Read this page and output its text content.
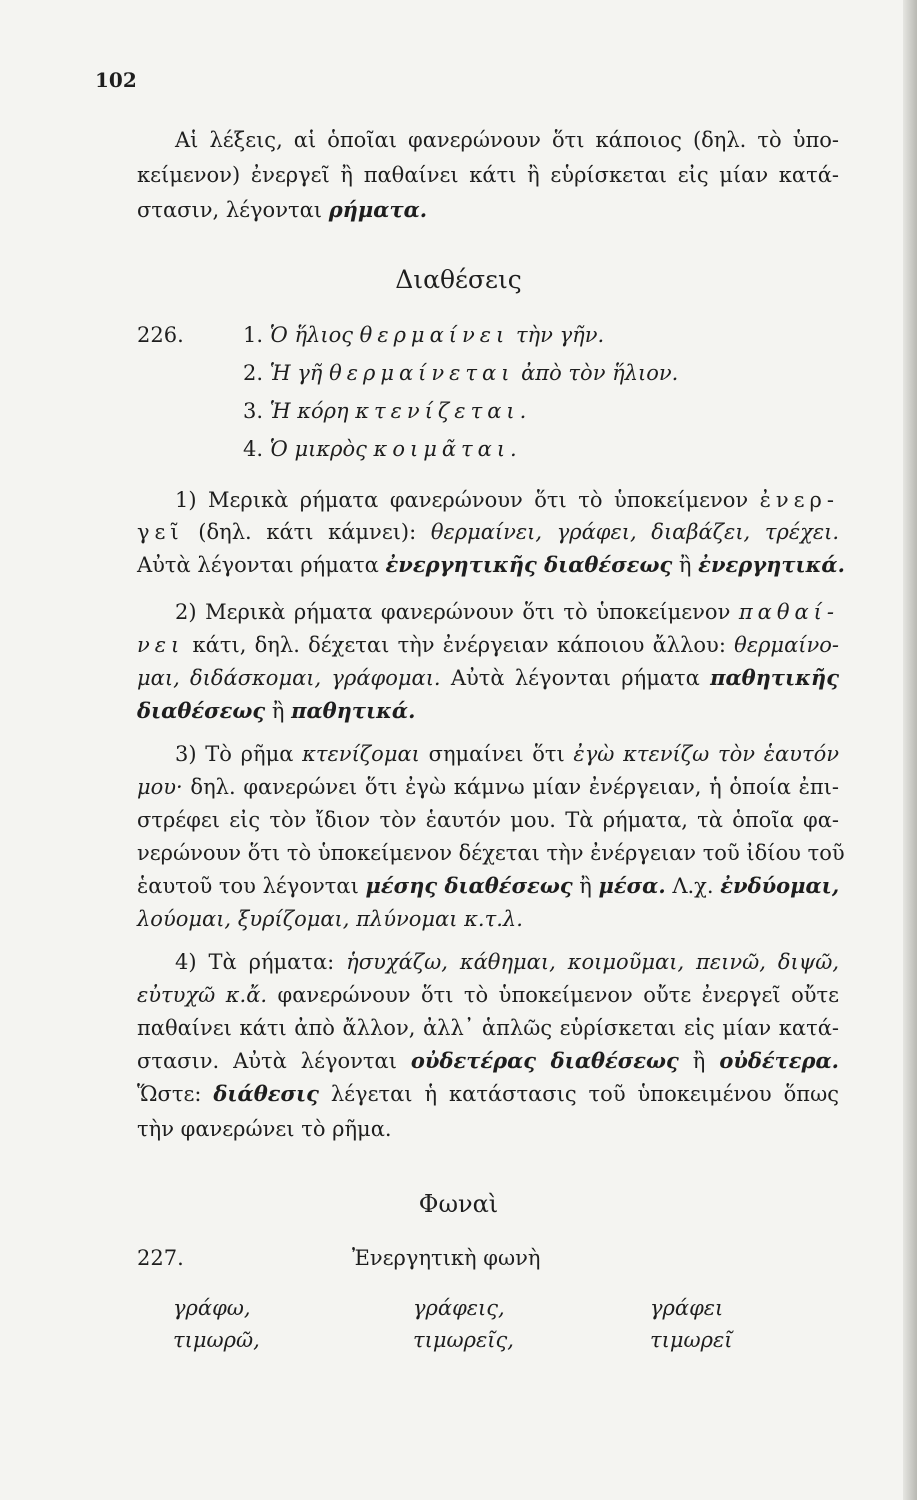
102
Αἱ λέξεις, αἱ ὁποῖαι φανερώνουν ὅτι κάποιος (δηλ. τὸ ὑπο-
κείμενον) ἐνεργεῖ ἢ παθαίνει κάτι ἢ εὑρίσκεται εἰς μίαν κατά-
στασιν, λέγονται ρήματα.
Διαθέσεις
226.	1. Ὁ ἥλιος θερμαίνει τὴν γῆν.
2. Ἡ γῆ θερμαίνεται ἀπὸ τὸν ἥλιον.
3. Ἡ κόρη κτενίζεται.
4. Ὁ μικρὸς κοιμᾶται.
1) Μερικὰ ρήματα φανερώνουν ὅτι τὸ ὑποκείμενον ἐνερ-
γεῖ (δηλ. κάτι κάμνει): θερμαίνει, γράφει, διαβάζει, τρέχει.
Αὐτὰ λέγονται ρήματα ἐνεργητικῆς διαθέσεως ἢ ἐνεργητικά.
2) Μερικὰ ρήματα φανερώνουν ὅτι τὸ ὑποκείμενον παθαί-
νει κάτι, δηλ. δέχεται τὴν ἐνέργειαν κάποιου ἄλλου: θερμαίνο-
μαι, διδάσκομαι, γράφομαι. Αὐτὰ λέγονται ρήματα παθητικῆς
διαθέσεως ἢ παθητικά.
3) Τὸ ρῆμα κτενίζομαι σημαίνει ὅτι ἐγὼ κτενίζω τὸν ἑαυτόν
μου· δηλ. φανερώνει ὅτι ἐγὼ κάμνω μίαν ἐνέργειαν, ἡ ὁποία ἐπι-
στρέφει εἰς τὸν ἴδιον τὸν ἑαυτόν μου. Τὰ ρήματα, τὰ ὁποῖα φα-
νερώνουν ὅτι τὸ ὑποκείμενον δέχεται τὴν ἐνέργειαν τοῦ ἰδίου τοῦ
ἑαυτοῦ του λέγονται μέσης διαθέσεως ἢ μέσα. Λ.χ. ἐνδύομαι,
λούομαι, ξυρίζομαι, πλύνομαι κ.τ.λ.
4) Τὰ ρήματα: ἡσυχάζω, κάθημαι, κοιμοῦμαι, πεινῶ, διψῶ,
εὐτυχῶ κ.ἄ. φανερώνουν ὅτι τὸ ὑποκείμενον οὔτε ἐνεργεῖ οὔτε
παθαίνει κάτι ἀπὸ ἄλλον, ἀλλ᾽ ἁπλῶς εὑρίσκεται εἰς μίαν κατά-
στασιν. Αὐτὰ λέγονται οὐδετέρας διαθέσεως ἢ οὐδέτερα.
Ὥστε: διάθεσις λέγεται ἡ κατάστασις τοῦ ὑποκειμένου ὅπως
τὴν φανερώνει τὸ ρῆμα.
Φωναὶ
227.	Ἐνεργητικὴ φωνὴ
γράφω,	γράφεις,	γράφει
τιμωρῶ,	τιμωρεῖς,	τιμωρεῖ
